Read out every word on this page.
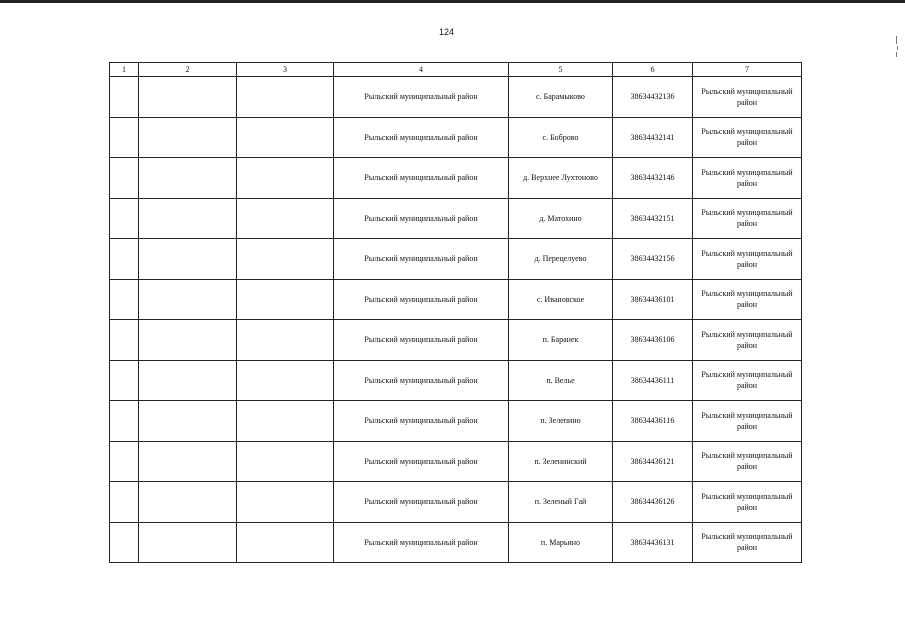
124
1	2	3	4	5	6	7
			Рыльский муниципальный район	с. Барамыково	38634432136	Рыльский муниципальный район
			Рыльский муниципальный район	с. Боброво	38634432141	Рыльский муниципальный район
			Рыльский муниципальный район	д. Верхнее Лухтоново	38634432146	Рыльский муниципальный район
			Рыльский муниципальный район	д. Матохино	38634432151	Рыльский муниципальный район
			Рыльский муниципальный район	д. Перецелуево	38634432156	Рыльский муниципальный район
			Рыльский муниципальный район	с. Ивановское	38634436101	Рыльский муниципальный район
			Рыльский муниципальный район	п. Баранек	38634436106	Рыльский муниципальный район
			Рыльский муниципальный район	п. Велье	38634436111	Рыльский муниципальный район
			Рыльский муниципальный район	п. Зелепино	38634436116	Рыльский муниципальный район
			Рыльский муниципальный район	п. Зеленинский	38634436121	Рыльский муниципальный район
			Рыльский муниципальный район	п. Зеленый Гай	38634436126	Рыльский муниципальный район
			Рыльский муниципальный район	п. Марьино	38634436131	Рыльский муниципальный район
